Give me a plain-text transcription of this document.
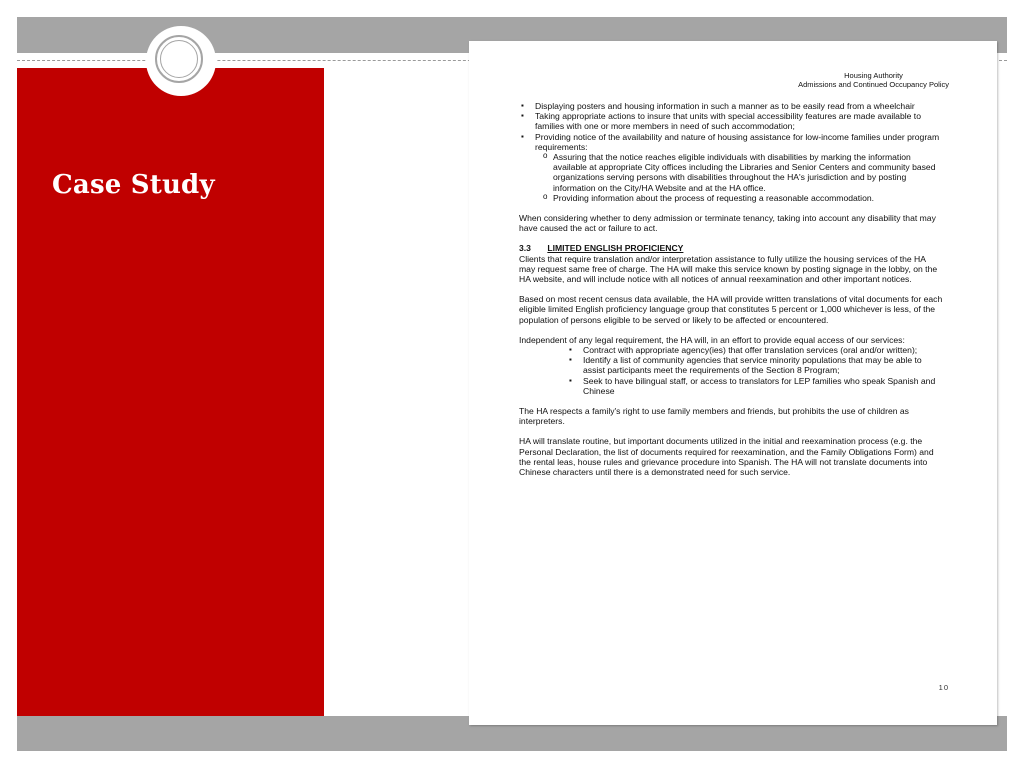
Case Study
Housing Authority
Admissions and Continued Occupancy Policy
▪ Displaying posters and housing information in such a manner as to be easily read from a wheelchair
▪ Taking appropriate actions to insure that units with special accessibility features are made available to families with one or more members in need of such accommodation;
▪ Providing notice of the availability and nature of housing assistance for low-income families under program requirements:
o Assuring that the notice reaches eligible individuals with disabilities by marking the information available at appropriate City offices including the Libraries and Senior Centers and community based organizations serving persons with disabilities throughout the HA's jurisdiction and by posting information on the City/HA Website and at the HA office.
o Providing information about the process of requesting a reasonable accommodation.

When considering whether to deny admission or terminate tenancy, taking into account any disability that may have caused the act or failure to act.

3.3 LIMITED ENGLISH PROFICIENCY

Clients that require translation and/or interpretation assistance to fully utilize the housing services of the HA may request same free of charge. The HA will make this service known by posting signage in the lobby, on the HA website, and will include notice with all notices of annual reexamination and other important notices.

Based on most recent census data available, the HA will provide written translations of vital documents for each eligible limited English proficiency language group that constitutes 5 percent or 1,000 whichever is less, of the population of persons eligible to be served or likely to be affected or encountered.

Independent of any legal requirement, the HA will, in an effort to provide equal access of our services:

▪ Contract with appropriate agency(ies) that offer translation services (oral and/or written);
▪ Identify a list of community agencies that service minority populations that may be able to assist participants meet the requirements of the Section 8 Program;
▪ Seek to have bilingual staff, or access to translators for LEP families who speak Spanish and Chinese

The HA respects a family's right to use family members and friends, but prohibits the use of children as interpreters.

HA will translate routine, but important documents utilized in the initial and reexamination process (e.g. the Personal Declaration, the list of documents required for reexamination, and the Family Obligations Form) and the rental leas, house rules and grievance procedure into Spanish. The HA will not translate documents into Chinese characters until there is a demonstrated need for such service.

10
